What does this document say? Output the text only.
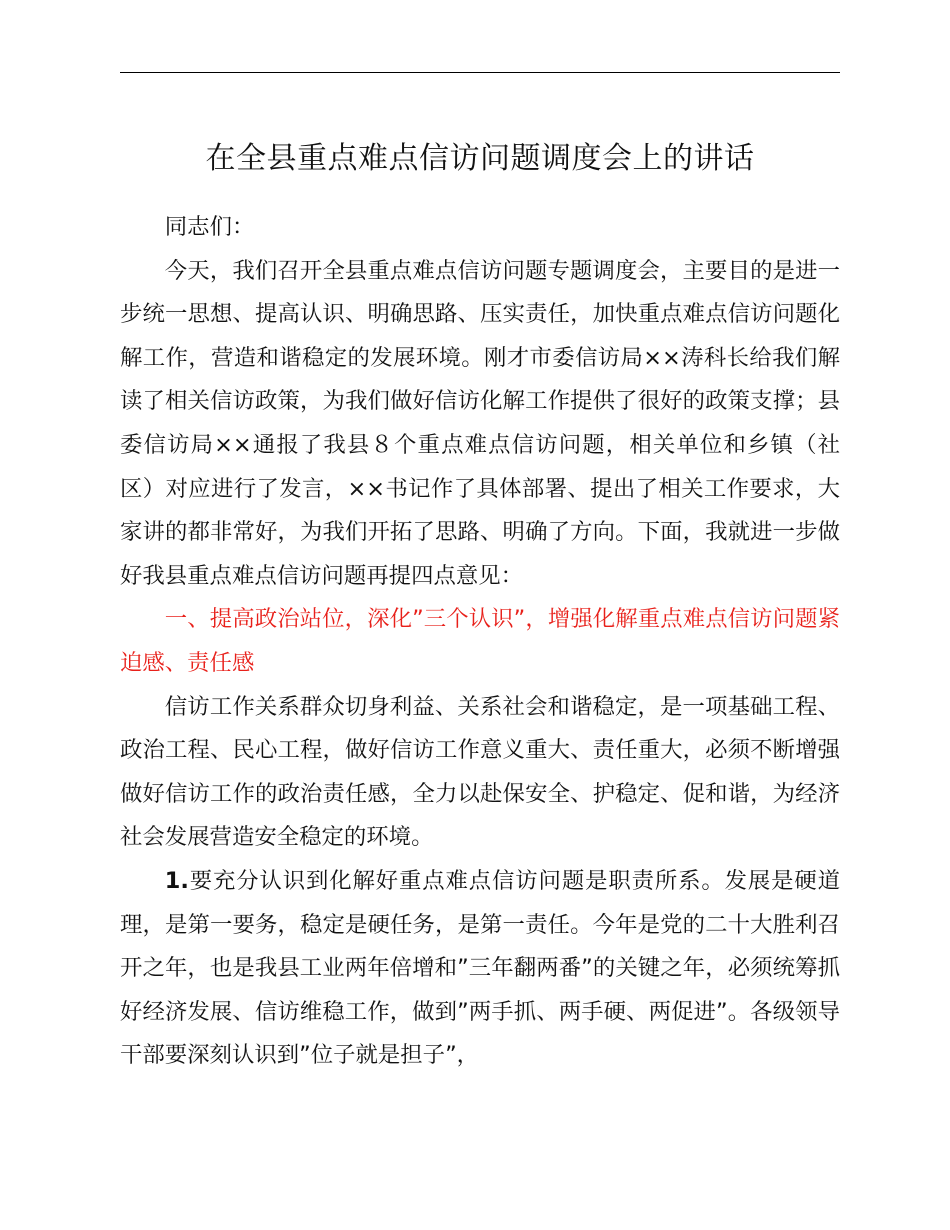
在全县重点难点信访问题调度会上的讲话

同志们：

今天，我们召开全县重点难点信访问题专题调度会，主要目的是进一步统一思想、提高认识、明确思路、压实责任，加快重点难点信访问题化解工作，营造和谐稳定的发展环境。刚才市委信访局××涛科长给我们解读了相关信访政策，为我们做好信访化解工作提供了很好的政策支撑；县委信访局××通报了我县８个重点难点信访问题，相关单位和乡镇（社区）对应进行了发言，××书记作了具体部署、提出了相关工作要求，大家讲的都非常好，为我们开拓了思路、明确了方向。下面，我就进一步做好我县重点难点信访问题再提四点意见：

一、提高政治站位，深化”三个认识”，增强化解重点难点信访问题紧迫感、责任感

信访工作关系群众切身利益、关系社会和谐稳定，是一项基础工程、政治工程、民心工程，做好信访工作意义重大、责任重大，必须不断增强做好信访工作的政治责任感，全力以赴保安全、护稳定、促和谐，为经济社会发展营造安全稳定的环境。

1.要充分认识到化解好重点难点信访问题是职责所系。发展是硬道理，是第一要务，稳定是硬任务，是第一责任。今年是党的二十大胜利召开之年，也是我县工业两年倍增和”三年翻两番”的关键之年，必须统筹抓好经济发展、信访维稳工作，做到”两手抓、两手硬、两促进”。各级领导干部要深刻认识到”位子就是担子”，
